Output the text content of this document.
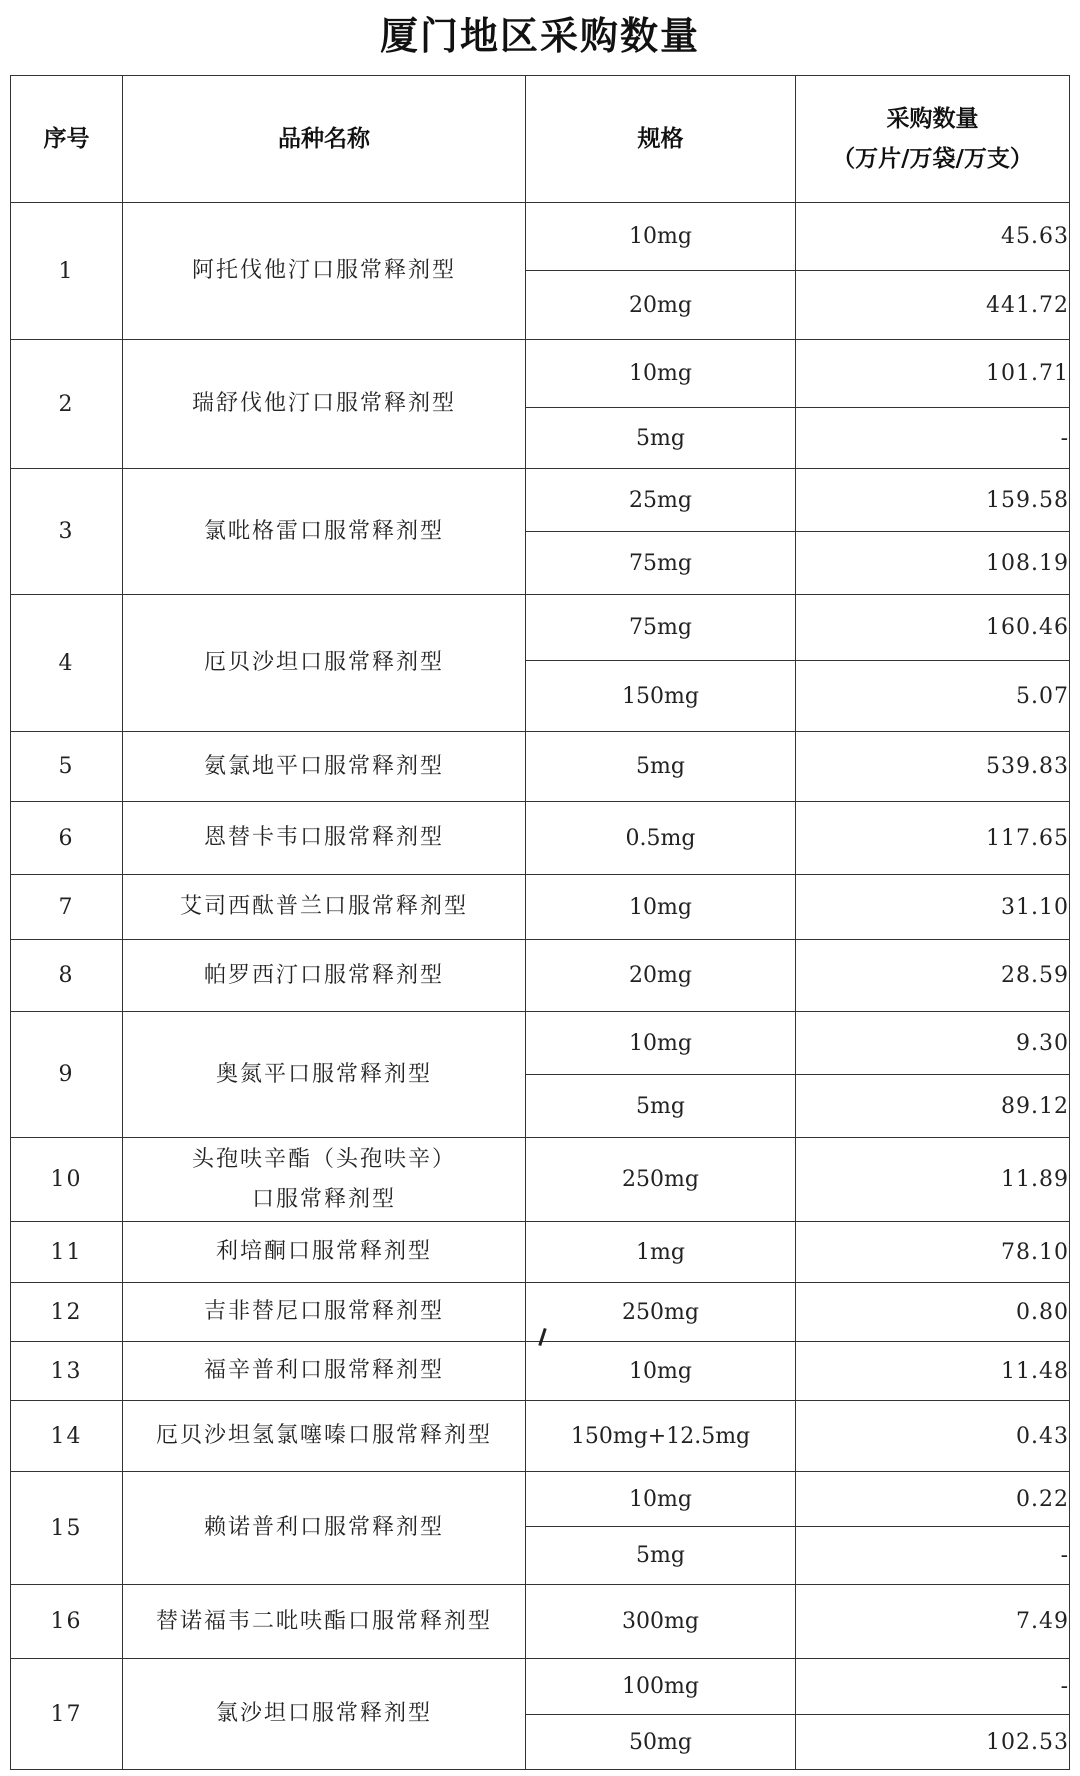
厦门地区采购数量
序号	品种名称	规格	采购数量
（万片/万袋/万支）

1	阿托伐他汀口服常释剂型	10mg	45.63
		20mg	441.72
2	瑞舒伐他汀口服常释剂型	10mg	101.71
		5mg	-
3	氯吡格雷口服常释剂型	25mg	159.58
		75mg	108.19
4	厄贝沙坦口服常释剂型	75mg	160.46
		150mg	5.07
5	氨氯地平口服常释剂型	5mg	539.83
6	恩替卡韦口服常释剂型	0.5mg	117.65
7	艾司西酞普兰口服常释剂型	10mg	31.10
8	帕罗西汀口服常释剂型	20mg	28.59
9	奥氮平口服常释剂型	10mg	9.30
		5mg	89.12
10	头孢呋辛酯（头孢呋辛）
口服常释剂型	250mg	11.89
11	利培酮口服常释剂型	1mg	78.10
12	吉非替尼口服常释剂型	250mg	0.80
13	福辛普利口服常释剂型	10mg	11.48
14	厄贝沙坦氢氯噻嗪口服常释剂型	150mg+12.5mg	0.43
15	赖诺普利口服常释剂型	10mg	0.22
		5mg	-
16	替诺福韦二吡呋酯口服常释剂型	300mg	7.49
17	氯沙坦口服常释剂型	100mg	-
		50mg	102.53
